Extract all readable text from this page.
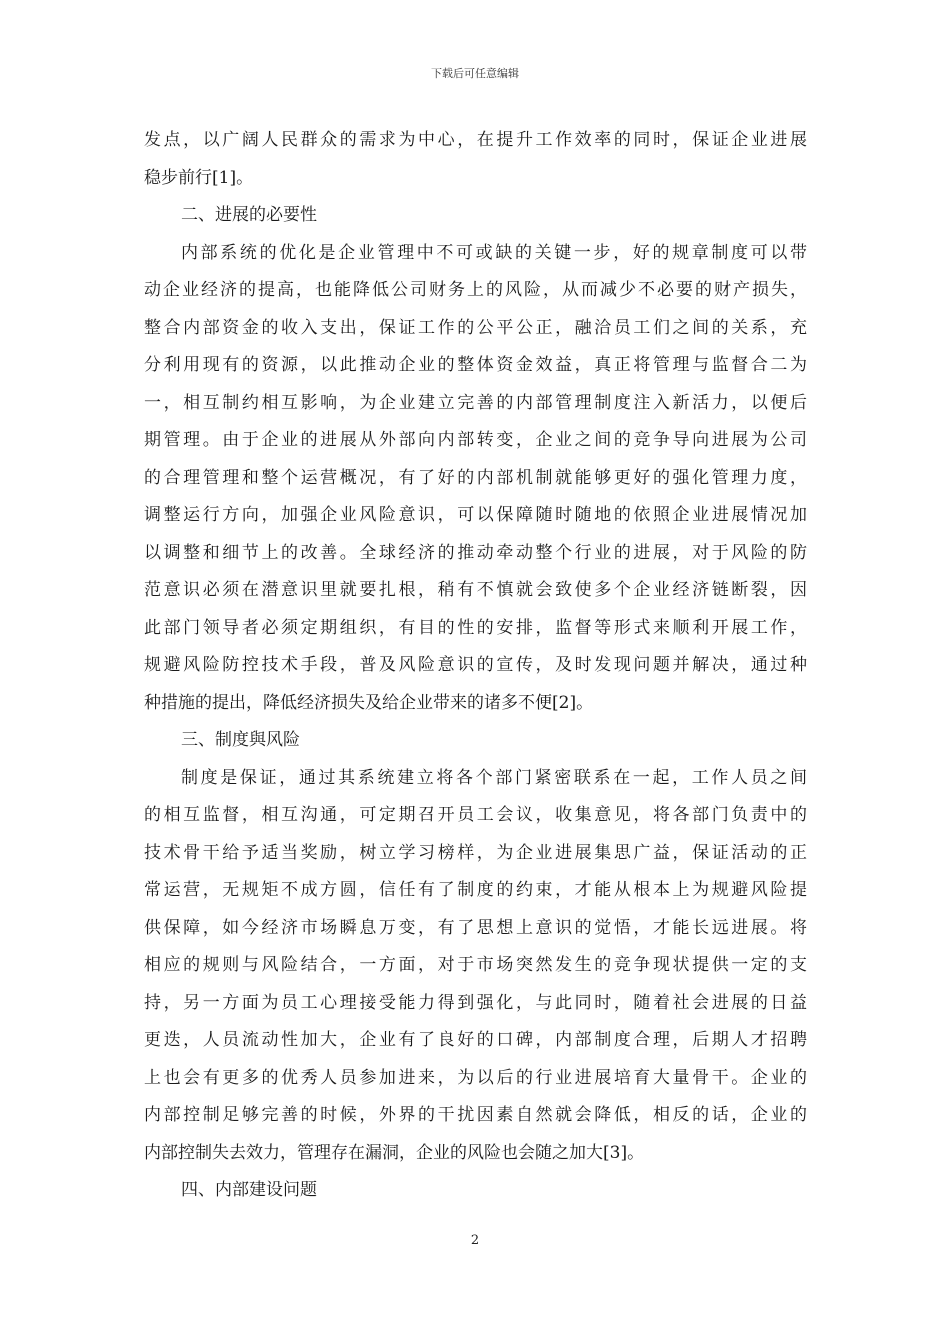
下载后可任意编辑
发点，以广阔人民群众的需求为中心，在提升工作效率的同时，保证企业进展
稳步前行[1]。
二、进展的必要性
内部系统的优化是企业管理中不可或缺的关键一步，好的规章制度可以带
动企业经济的提高，也能降低公司财务上的风险，从而减少不必要的财产损失，
整合内部资金的收入支出，保证工作的公平公正，融洽员工们之间的关系，充
分利用现有的资源，以此推动企业的整体资金效益，真正将管理与监督合二为
一，相互制约相互影响，为企业建立完善的内部管理制度注入新活力，以便后
期管理。由于企业的进展从外部向内部转变，企业之间的竞争导向进展为公司
的合理管理和整个运营概况，有了好的内部机制就能够更好的强化管理力度，
调整运行方向，加强企业风险意识，可以保障随时随地的依照企业进展情况加
以调整和细节上的改善。全球经济的推动牵动整个行业的进展，对于风险的防
范意识必须在潜意识里就要扎根，稍有不慎就会致使多个企业经济链断裂，因
此部门领导者必须定期组织，有目的性的安排，监督等形式来顺利开展工作，
规避风险防控技术手段，普及风险意识的宣传，及时发现问题并解决，通过种
种措施的提出，降低经济损失及给企业带来的诸多不便[2]。
三、制度與风险
制度是保证，通过其系统建立将各个部门紧密联系在一起，工作人员之间
的相互监督，相互沟通，可定期召开员工会议，收集意见，将各部门负责中的
技术骨干给予适当奖励，树立学习榜样，为企业进展集思广益，保证活动的正
常运营，无规矩不成方圆，信任有了制度的约束，才能从根本上为规避风险提
供保障，如今经济市场瞬息万变，有了思想上意识的觉悟，才能长远进展。将
相应的规则与风险结合，一方面，对于市场突然发生的竞争现状提供一定的支
持，另一方面为员工心理接受能力得到强化，与此同时，随着社会进展的日益
更迭，人员流动性加大，企业有了良好的口碑，内部制度合理，后期人才招聘
上也会有更多的优秀人员参加进来，为以后的行业进展培育大量骨干。企业的
内部控制足够完善的时候，外界的干扰因素自然就会降低，相反的话，企业的
内部控制失去效力，管理存在漏洞，企业的风险也会随之加大[3]。
四、内部建设问题
2
